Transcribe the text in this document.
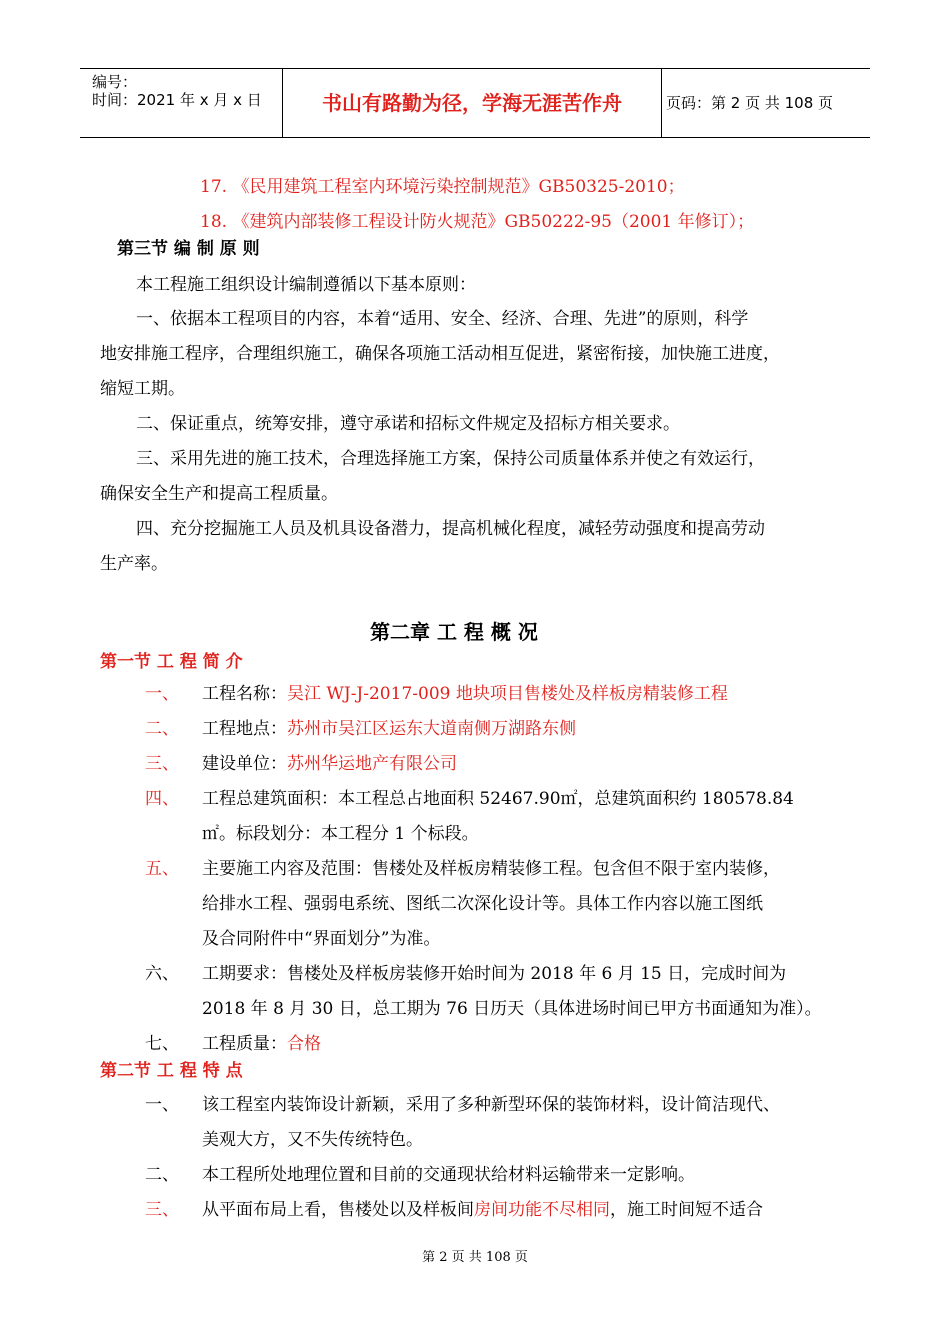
编号：
时间：2021 年 x 月 x 日	书山有路勤为径，学海无涯苦作舟	页码：第 2 页 共 108 页
17. 《民用建筑工程室内环境污染控制规范》GB50325-2010；
18. 《建筑内部装修工程设计防火规范》GB50222-95（2001 年修订）；
第三节 编 制 原 则
本工程施工组织设计编制遵循以下基本原则：
一、依据本工程项目的内容，本着“适用、安全、经济、合理、先进”的原则，科学
地安排施工程序，合理组织施工，确保各项施工活动相互促进，紧密衔接，加快施工进度，
缩短工期。
二、保证重点，统筹安排，遵守承诺和招标文件规定及招标方相关要求。
三、采用先进的施工技术，合理选择施工方案，保持公司质量体系并使之有效运行，
确保安全生产和提高工程质量。
四、充分挖掘施工人员及机具设备潜力，提高机械化程度，减轻劳动强度和提高劳动
生产率。
第二章 工 程 概 况
第一节 工 程 简 介
一、 工程名称：吴江 WJ-J-2017-009 地块项目售楼处及样板房精装修工程
二、 工程地点：苏州市吴江区运东大道南侧万湖路东侧
三、 建设单位：苏州华运地产有限公司
四、 工程总建筑面积：本工程总占地面积 52467.90㎡，总建筑面积约 180578.84
㎡。标段划分：本工程分 1 个标段。
五、 主要施工内容及范围：售楼处及样板房精装修工程。包含但不限于室内装修，
给排水工程、强弱电系统、图纸二次深化设计等。具体工作内容以施工图纸
及合同附件中“界面划分”为准。
六、 工期要求：售楼处及样板房装修开始时间为 2018 年 6 月 15 日，完成时间为
2018 年 8 月 30 日，总工期为 76 日历天（具体进场时间已甲方书面通知为准）。
七、 工程质量：合格
第二节 工 程 特 点
一、 该工程室内装饰设计新颖，采用了多种新型环保的装饰材料，设计简洁现代、
美观大方，又不失传统特色。
二、 本工程所处地理位置和目前的交通现状给材料运输带来一定影响。
三、 从平面布局上看，售楼处以及样板间房间功能不尽相同，施工时间短不适合
第 2 页 共 108 页
